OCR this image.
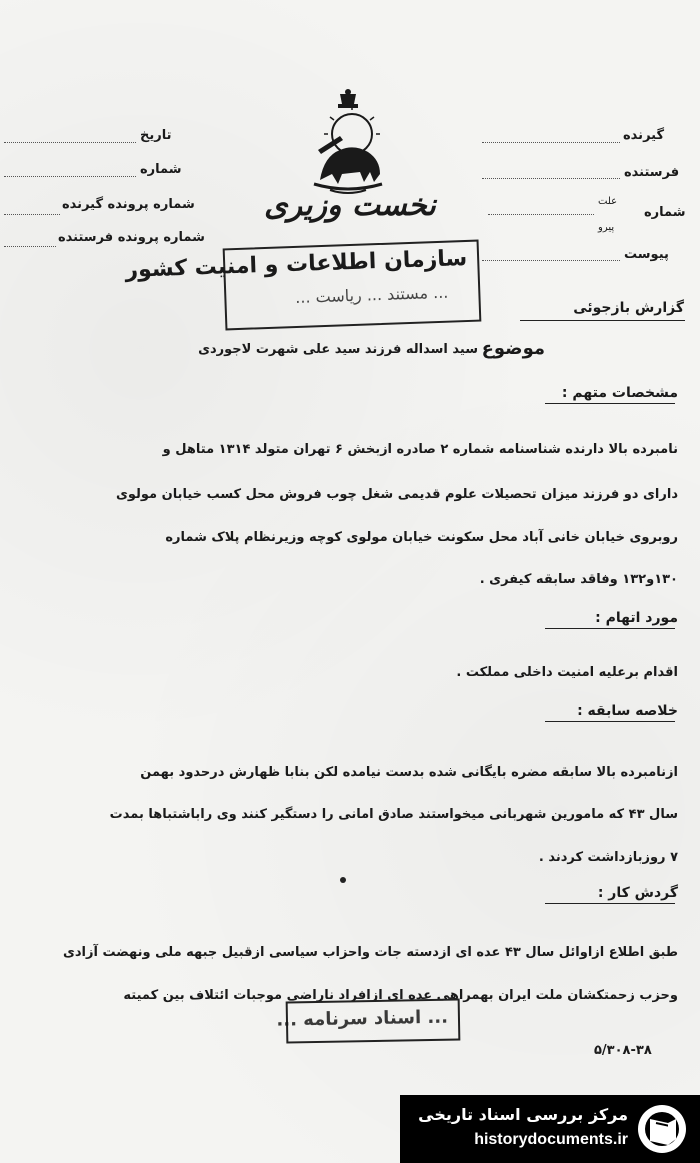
تاریخ
شماره
شماره پرونده گیرنده
شماره پرونده فرستنده
گیرنده
فرستنده
شماره
علت
پیرو
پیوست
نخست وزیری
سازمان اطلاعات و امنیت کشور
... مستند ... ریاست ...
گزارش بازجوئی
موضوع
سید اسداله فرزند سید علی شهرت لاجوردی
مشخصات متهم :
نامبرده بالا دارنده شناسنامه شماره ۲ صادره ازبخش ۶ تهران متولد ۱۳۱۴ متاهل و
دارای دو فرزند میزان تحصیلات علوم قدیمی شغل چوب فروش محل کسب خیابان مولوی
روبروی خیابان خانی آباد محل سکونت خیابان مولوی کوچه وزیرنظام پلاک شماره
۱۳۰و۱۳۲ وفاقد سابقه کیفری .
مورد اتهام :
اقدام برعلیه امنیت داخلی مملکت .
خلاصه سابقه :
ازنامبرده بالا سابقه مضره بایگانی شده بدست نیامده لکن بنابا ظهارش درحدود بهمن
سال ۴۳ که مامورین شهربانی میخواستند صادق امانی را دستگیر کنند وی راباشتباها بمدت
۷ روزبازداشت کردند .
گردش کار :
طبق اطلاع ازاوائل سال ۴۳ عده ای ازدسته جات واحزاب سیاسی ازقبیل جبهه ملی ونهضت آزادی
وحزب زحمتکشان ملت ایران بهمراهی عده ای ازافراد ناراضی موجبات ائتلاف بین کمیته
... اسناد سرنامه ...
۵/۳۰۸-۳۸
مرکز بررسی اسناد تاریخی
historydocuments.ir
